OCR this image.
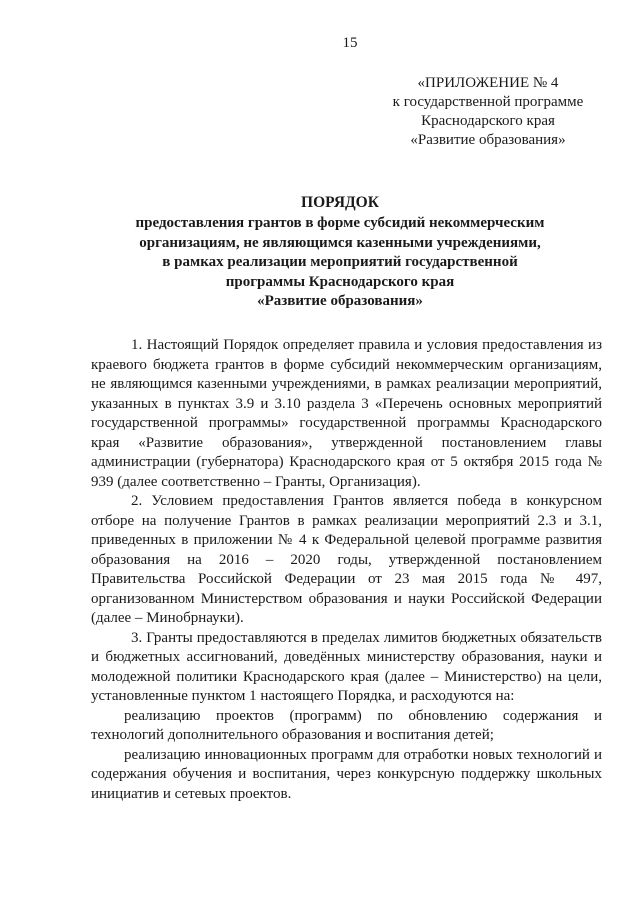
15
«ПРИЛОЖЕНИЕ № 4
к государственной программе
Краснодарского края
«Развитие образования»
ПОРЯДОК
предоставления грантов в форме субсидий некоммерческим
организациям, не являющимся казенными учреждениями,
в рамках реализации мероприятий государственной
программы Краснодарского края
«Развитие образования»

1. Настоящий Порядок определяет правила и условия предоставления из краевого бюджета грантов в форме субсидий некоммерческим организациям, не являющимся казенными учреждениями, в рамках реализации мероприятий, указанных в пунктах 3.9 и 3.10 раздела 3 «Перечень основных мероприятий государственной программы» государственной программы Краснодарского края «Развитие образования», утвержденной постановлением главы администрации (губернатора) Краснодарского края от 5 октября 2015 года № 939 (далее соответственно – Гранты, Организация).

2. Условием предоставления Грантов является победа в конкурсном отборе на получение Грантов в рамках реализации мероприятий 2.3 и 3.1, приведенных в приложении № 4 к Федеральной целевой программе развития образования на 2016 – 2020 годы, утвержденной постановлением Правительства Российской Федерации от 23 мая 2015 года № 497, организованном Министерством образования и науки Российской Федерации (далее – Минобрнауки).

3. Гранты предоставляются в пределах лимитов бюджетных обязательств и бюджетных ассигнований, доведённых министерству образования, науки и молодежной политики Краснодарского края (далее – Министерство) на цели, установленные пунктом 1 настоящего Порядка, и расходуются на:

реализацию проектов (программ) по обновлению содержания и технологий дополнительного образования и воспитания детей;

реализацию инновационных программ для отработки новых технологий и содержания обучения и воспитания, через конкурсную поддержку школьных инициатив и сетевых проектов.
